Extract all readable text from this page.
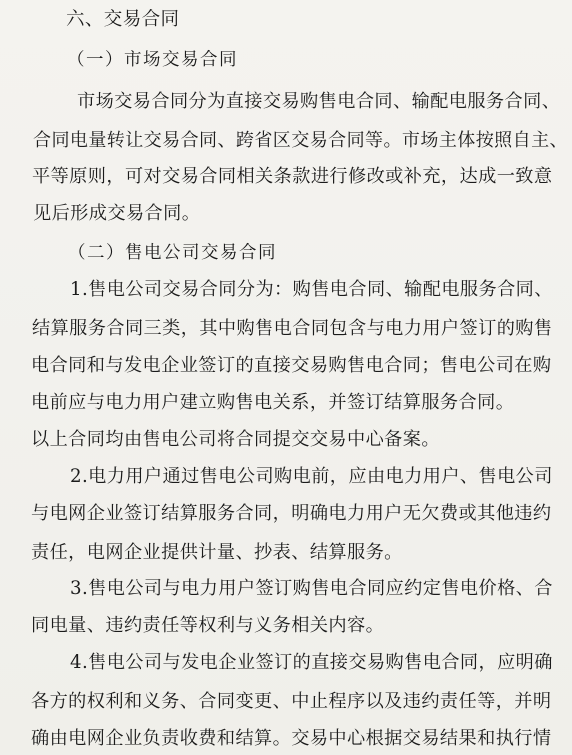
六、交易合同
（一）市场交易合同
市场交易合同分为直接交易购售电合同、输配电服务合同、
合同电量转让交易合同、跨省区交易合同等。市场主体按照自主、
平等原则，可对交易合同相关条款进行修改或补充，达成一致意
见后形成交易合同。
（二）售电公司交易合同
1.售电公司交易合同分为：购售电合同、输配电服务合同、
结算服务合同三类，其中购售电合同包含与电力用户签订的购售
电合同和与发电企业签订的直接交易购售电合同；售电公司在购
电前应与电力用户建立购售电关系，并签订结算服务合同。
以上合同均由售电公司将合同提交交易中心备案。
2.电力用户通过售电公司购电前，应由电力用户、售电公司
与电网企业签订结算服务合同，明确电力用户无欠费或其他违约
责任，电网企业提供计量、抄表、结算服务。
3.售电公司与电力用户签订购售电合同应约定售电价格、合
同电量、违约责任等权利与义务相关内容。
4.售电公司与发电企业签订的直接交易购售电合同，应明确
各方的权利和义务、合同变更、中止程序以及违约责任等，并明
确由电网企业负责收费和结算。交易中心根据交易结果和执行情
